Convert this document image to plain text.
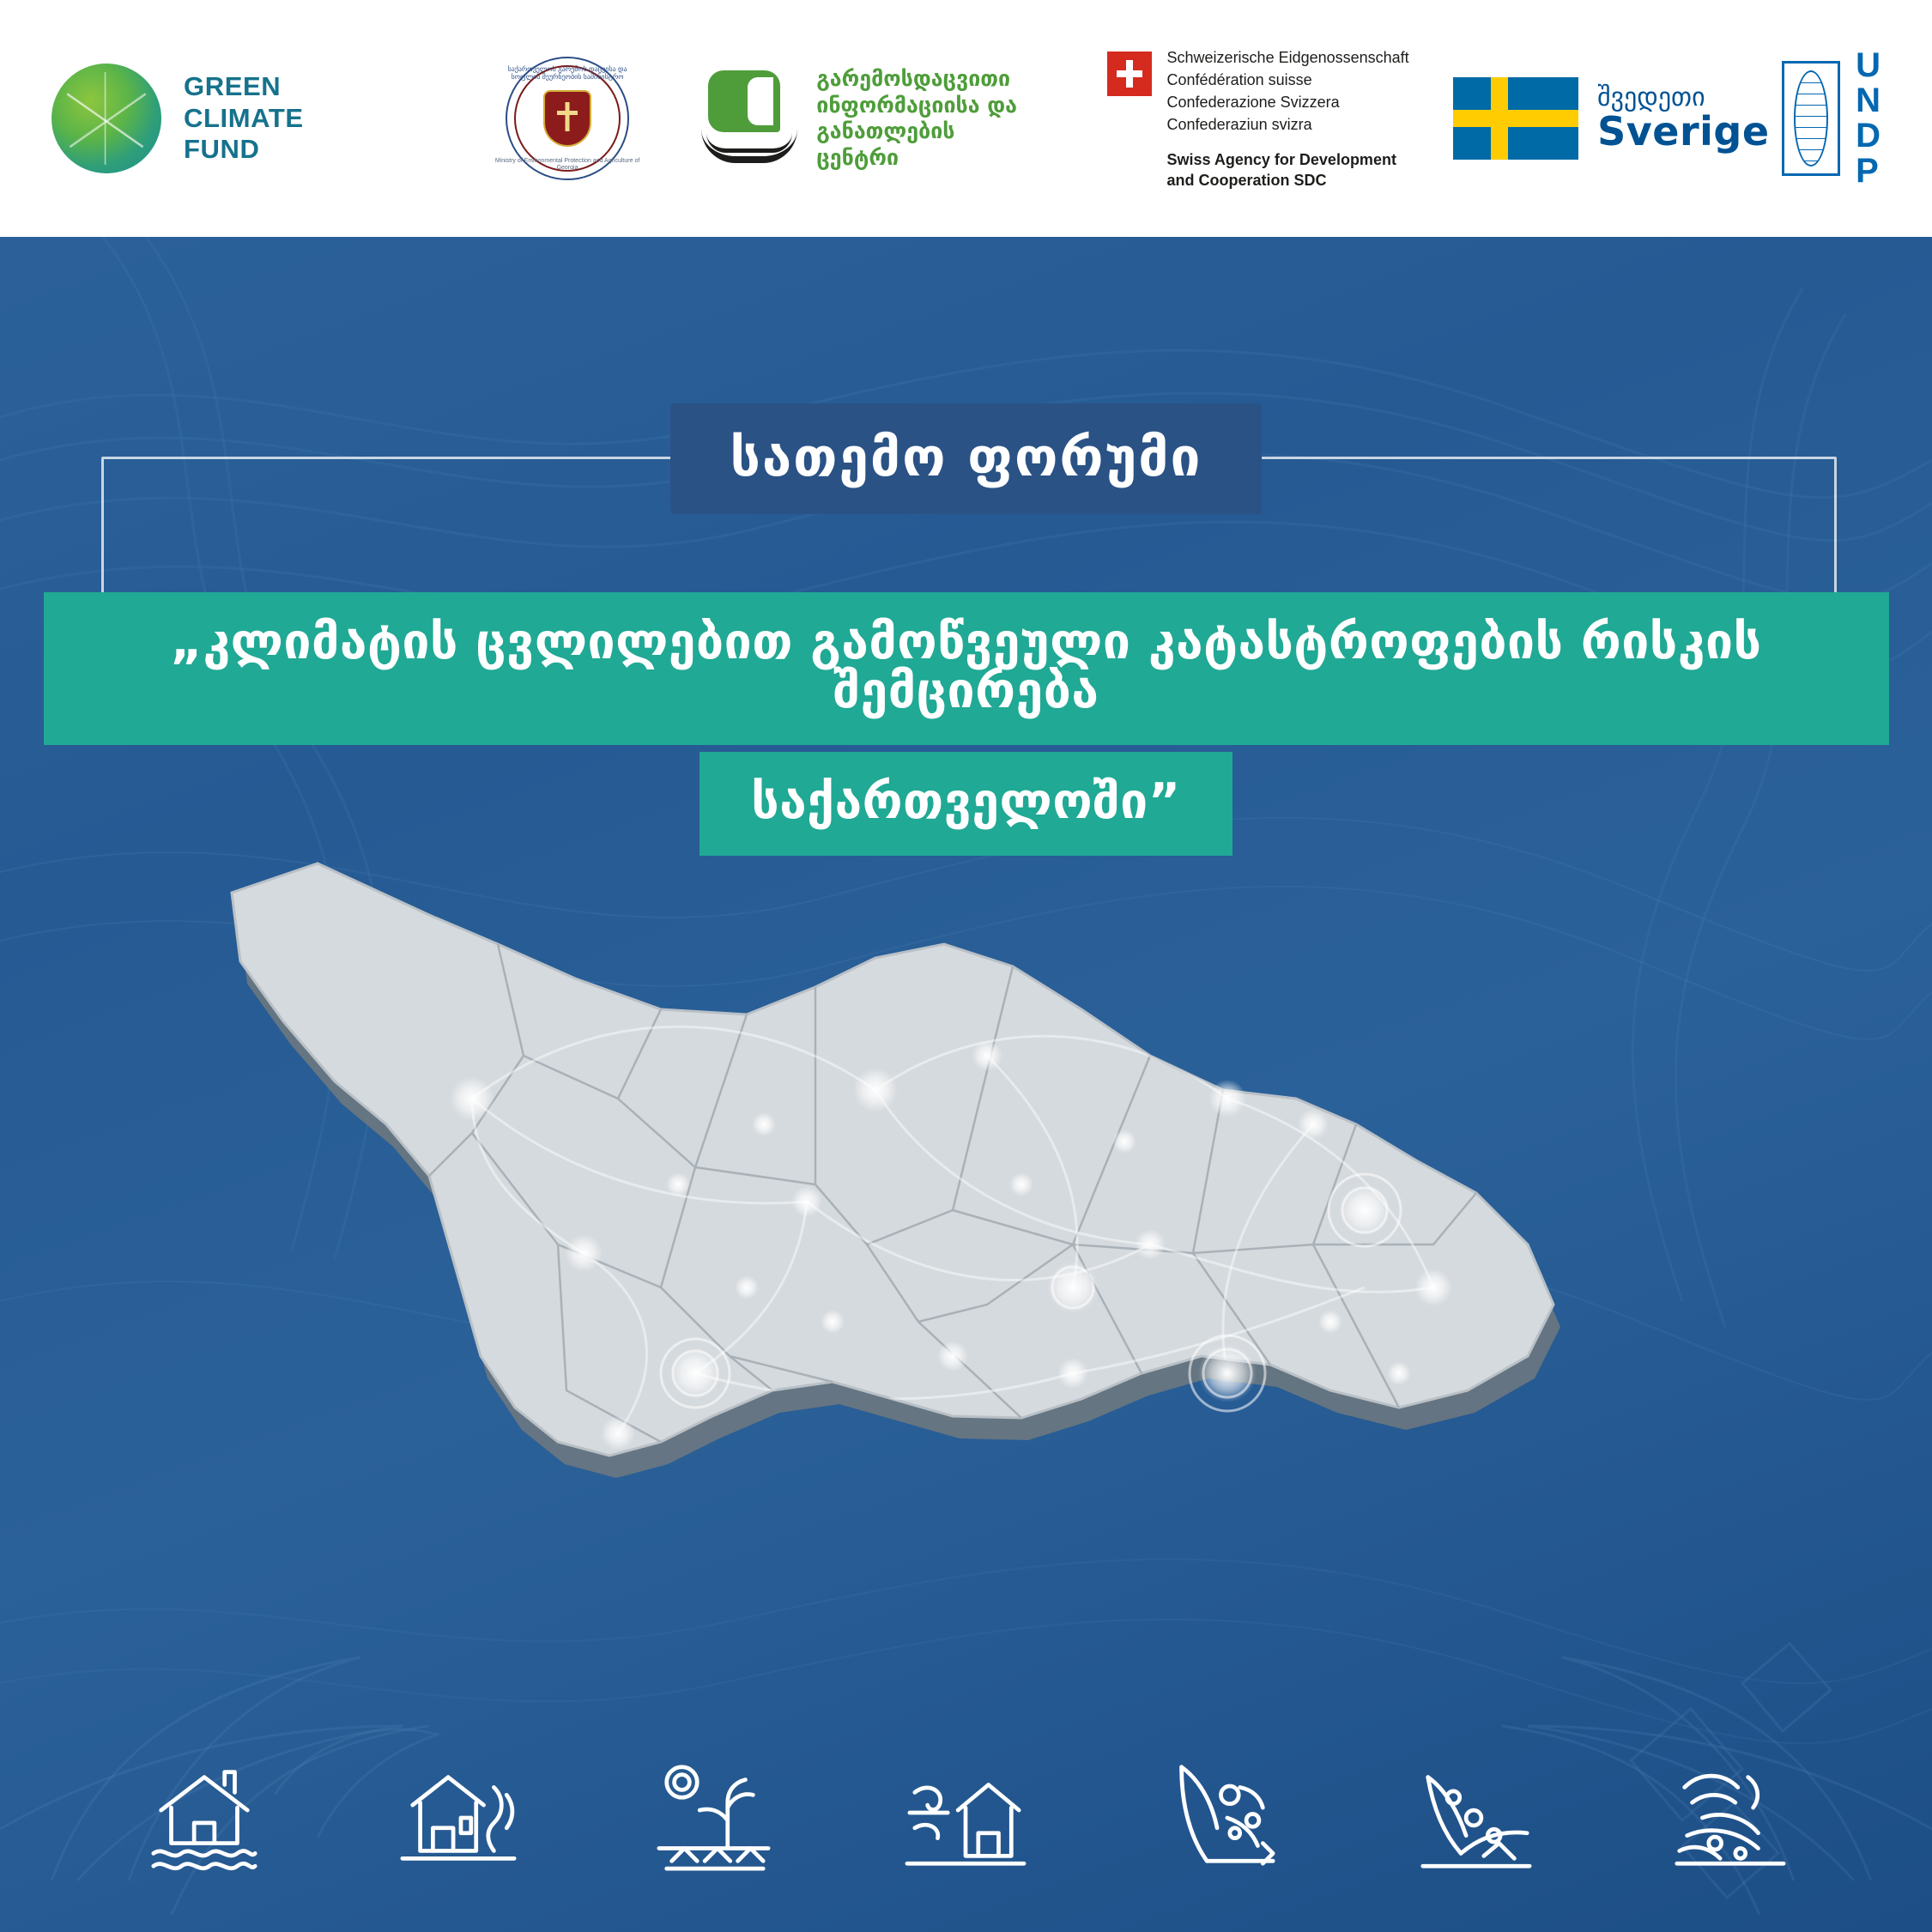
GREEN
CLIMATE
FUND
საქართველოს გარემოს დაცვისა და სოფლის მეურნეობის სამინისტრო
Ministry of Environmental Protection and Agriculture of Georgia
გარემოსდაცვითი
ინფორმაციისა და განათლების
ცენტრი
Schweizerische Eidgenossenschaft
Confédération suisse
Confederazione Svizzera
Confederaziun svizra
Swiss Agency for Development
and Cooperation SDC
შვედეთი
Sverige
U
N
D
P
სათემო ფორუმი
„კლიმატის ცვლილებით გამოწვეული კატასტროფების რისკის შემცირება საქართველოში”
